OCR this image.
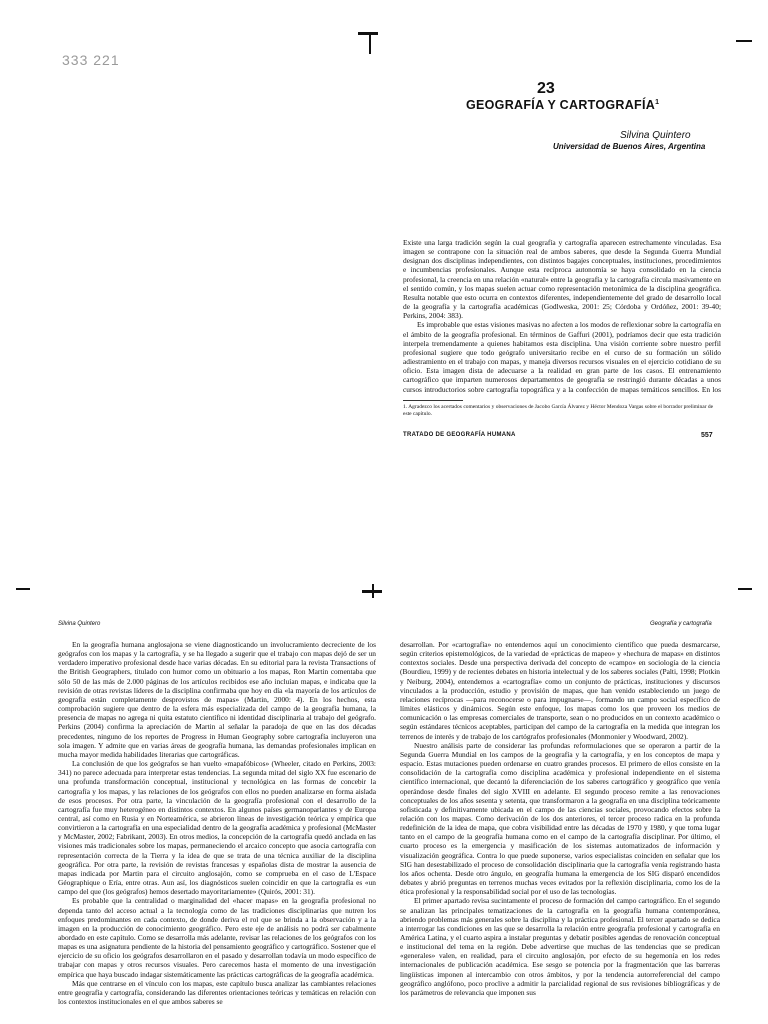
333 221
23
GEOGRAFÍA Y CARTOGRAFÍA$^1$
Silvina Quintero
Universidad de Buenos Aires, Argentina

Existe una larga tradición según la cual geografía y cartografía aparecen estrechamente vinculadas. Esa imagen se contrapone con la situación real de ambos saberes, que desde la Segunda Guerra Mundial designan dos disciplinas independientes, con distintos bagajes conceptuales, instituciones, procedimientos e incumbencias profesionales. Aunque esta recíproca autonomía se haya consolidado en la ciencia profesional, la creencia en una relación «natural» entre la geografía y la cartografía circula masivamente en el sentido común, y los mapas suelen actuar como representación metonímica de la disciplina geográfica. Resulta notable que esto ocurra en contextos diferentes, independientemente del grado de desarrollo local de la geografía y la cartografía académicas (Godlweska, 2001: 25; Córdoba y Ordóñez, 2001: 39-40; Perkins, 2004: 383).

Es improbable que estas visiones masivas no afecten a los modos de reflexionar sobre la cartografía en el ámbito de la geografía profesional. En términos de Gaffuri (2001), podríamos decir que esta tradición interpela tremendamente a quienes habitamos esta disciplina. Una visión corriente sobre nuestro perfil profesional sugiere que todo geógrafo universitario recibe en el curso de su formación un sólido adiestramiento en el trabajo con mapas, y maneja diversos recursos visuales en el ejercicio cotidiano de su oficio. Esta imagen dista de adecuarse a la realidad en gran parte de los casos. El entrenamiento cartográfico que imparten numerosos departamentos de geografía se restringió durante décadas a unos cursos introductorios sobre cartografía topográfica y a la confección de mapas temáticos sencillos. En los

1. Agradezco los acertados comentarios y observaciones de Jacobo García Álvarez y Héctor Mendoza Vargas sobre el borrador preliminar de este capítulo.
TRATADO DE GEOGRAFÍA HUMANA	557
Silvina Quintero	Geografía y cartografía

En la geografía humana anglosajona se viene diagnosticando un involucramiento decreciente de los geógrafos con los mapas y la cartografía, y se ha llegado a sugerir que el trabajo con mapas dejó de ser un verdadero imperativo profesional desde hace varias décadas. En su editorial para la revista Transactions of the British Geographers, titulado con humor como un obituario a los mapas, Ron Martin comentaba que sólo 50 de las más de 2.000 páginas de los artículos recibidos ese año incluían mapas, e indicaba que la revisión de otras revistas líderes de la disciplina confirmaba que hoy en día «la mayoría de los artículos de geografía están completamente desprovistos de mapas» (Martin, 2000: 4). En los hechos, esta comprobación sugiere que dentro de la esfera más especializada del campo de la geografía humana, la presencia de mapas no agrega ni quita estatuto científico ni identidad disciplinaria al trabajo del geógrafo. Perkins (2004) confirma la apreciación de Martin al señalar la paradoja de que en las dos décadas precedentes, ninguno de los reportes de Progress in Human Geography sobre cartografía incluyeron una sola imagen. Y admite que en varias áreas de geografía humana, las demandas profesionales implican en mucha mayor medida habilidades literarias que cartográficas.

La conclusión de que los geógrafos se han vuelto «mapafóbicos» (Wheeler, citado en Perkins, 2003: 341) no parece adecuada para interpretar estas tendencias. La segunda mitad del siglo XX fue escenario de una profunda transformación conceptual, institucional y tecnológica en las formas de concebir la cartografía y los mapas, y las relaciones de los geógrafos con ellos no pueden analizarse en forma aislada de esos procesos. Por otra parte, la vinculación de la geografía profesional con el desarrollo de la cartografía fue muy heterogéneo en distintos contextos. En algunos países germanoparlantes y de Europa central, así como en Rusia y en Norteamérica, se abrieron líneas de investigación teórica y empírica que convirtieron a la cartografía en una especialidad dentro de la geografía académica y profesional (McMaster y McMaster, 2002; Fabrikant, 2003). En otros medios, la concepción de la cartografía quedó anclada en las visiones más tradicionales sobre los mapas, permaneciendo el arcaico concepto que asocia cartografía con representación correcta de la Tierra y la idea de que se trata de una técnica auxiliar de la disciplina geográfica. Por otra parte, la revisión de revistas francesas y españolas dista de mostrar la ausencia de mapas indicada por Martin para el circuito anglosajón, como se comprueba en el caso de L'Espace Géographique o Ería, entre otras. Aun así, los diagnósticos suelen coincidir en que la cartografía es «un campo del que (los geógrafos) hemos desertado mayoritariamente» (Quirós, 2001: 31).

Es probable que la centralidad o marginalidad del «hacer mapas» en la geografía profesional no dependa tanto del acceso actual a la tecnología como de las tradiciones disciplinarias que nutren los enfoques predominantes en cada contexto, de donde deriva el rol que se brinda a la observación y a la imagen en la producción de conocimiento geográfico. Pero este eje de análisis no podrá ser cabalmente abordado en este capítulo. Como se desarrolla más adelante, revisar las relaciones de los geógrafos con los mapas es una asignatura pendiente de la historia del pensamiento geográfico y cartográfico. Sostener que el ejercicio de su oficio los geógrafos desarrollaron en el pasado y desarrollan todavía un modo específico de trabajar con mapas y otros recursos visuales. Pero carecemos hasta el momento de una investigación empírica que haya buscado indagar sistemáticamente las prácticas cartográficas de la geografía académica.

Más que centrarse en el vínculo con los mapas, este capítulo busca analizar las cambiantes relaciones entre geografía y cartografía, considerando las diferentes orientaciones teóricas y temáticas en relación con los contextos institucionales en el que ambos saberes se

desarrollan. Por «cartografía» no entendemos aquí un conocimiento científico que pueda desmarcarse, según criterios epistemológicos, de la variedad de «prácticas de mapeo» y «hechura de mapas» en distintos contextos sociales. Desde una perspectiva derivada del concepto de «campo» en sociología de la ciencia (Bourdieu, 1999) y de recientes debates en historia intelectual y de los saberes sociales (Palti, 1998; Plotkin y Neiburg, 2004), entendemos a «cartografía» como un conjunto de prácticas, instituciones y discursos vinculados a la producción, estudio y provisión de mapas, que han venido estableciendo un juego de relaciones recíprocas —para reconocerse o para impugnarse—, formando un campo social específico de límites elásticos y dinámicos. Según este enfoque, los mapas como los que proveen los medios de comunicación o las empresas comerciales de transporte, sean o no producidos en un contexto académico o según estándares técnicos aceptables, participan del campo de la cartografía en la medida que integran los terrenos de interés y de trabajo de los cartógrafos profesionales (Monmonier y Woodward, 2002).

Nuestro análisis parte de considerar las profundas reformulaciones que se operaron a partir de la Segunda Guerra Mundial en los campos de la geografía y la cartografía, y en los conceptos de mapa y espacio. Estas mutaciones pueden ordenarse en cuatro grandes procesos. El primero de ellos consiste en la consolidación de la cartografía como disciplina académica y profesional independiente en el sistema científico internacional, que decantó la diferenciación de los saberes cartográfico y geográfico que venía operándose desde finales del siglo XVIII en adelante. El segundo proceso remite a las renovaciones conceptuales de los años sesenta y setenta, que transformaron a la geografía en una disciplina teóricamente sofisticada y definitivamente ubicada en el campo de las ciencias sociales, provocando efectos sobre la relación con los mapas. Como derivación de los dos anteriores, el tercer proceso radica en la profunda redefinición de la idea de mapa, que cobra visibilidad entre las décadas de 1970 y 1980, y que toma lugar tanto en el campo de la geografía humana como en el campo de la cartografía disciplinar. Por último, el cuarto proceso es la emergencia y masificación de los sistemas automatizados de información y visualización geográfica. Contra lo que puede suponerse, varios especialistas coinciden en señalar que los SIG han desestabilizado el proceso de consolidación disciplinaria que la cartografía venía registrando hasta los años ochenta. Desde otro ángulo, en geografía humana la emergencia de los SIG disparó encendidos debates y abrió preguntas en terrenos muchas veces evitados por la reflexión disciplinaria, como los de la ética profesional y la responsabilidad social por el uso de las tecnologías.

El primer apartado revisa sucintamente el proceso de formación del campo cartográfico. En el segundo se analizan las principales tematizaciones de la cartografía en la geografía humana contemporánea, abriendo problemas más generales sobre la disciplina y la práctica profesional. El tercer apartado se dedica a interrogar las condiciones en las que se desarrolla la relación entre geografía profesional y cartografía en América Latina, y el cuarto aspira a instalar preguntas y debatir posibles agendas de renovación conceptual e institucional del tema en la región. Debe advertirse que muchas de las tendencias que se predican «generales» valen, en realidad, para el circuito anglosajón, por efecto de su hegemonía en los redes internacionales de publicación académica. Ese sesgo se potencia por la fragmentación que las barreras lingüísticas imponen al intercambio con otros ámbitos, y por la tendencia autorreferencial del campo geográfico anglófono, poco proclive a admitir la parcialidad regional de sus revisiones bibliográficas y de los parámetros de relevancia que imponen sus
